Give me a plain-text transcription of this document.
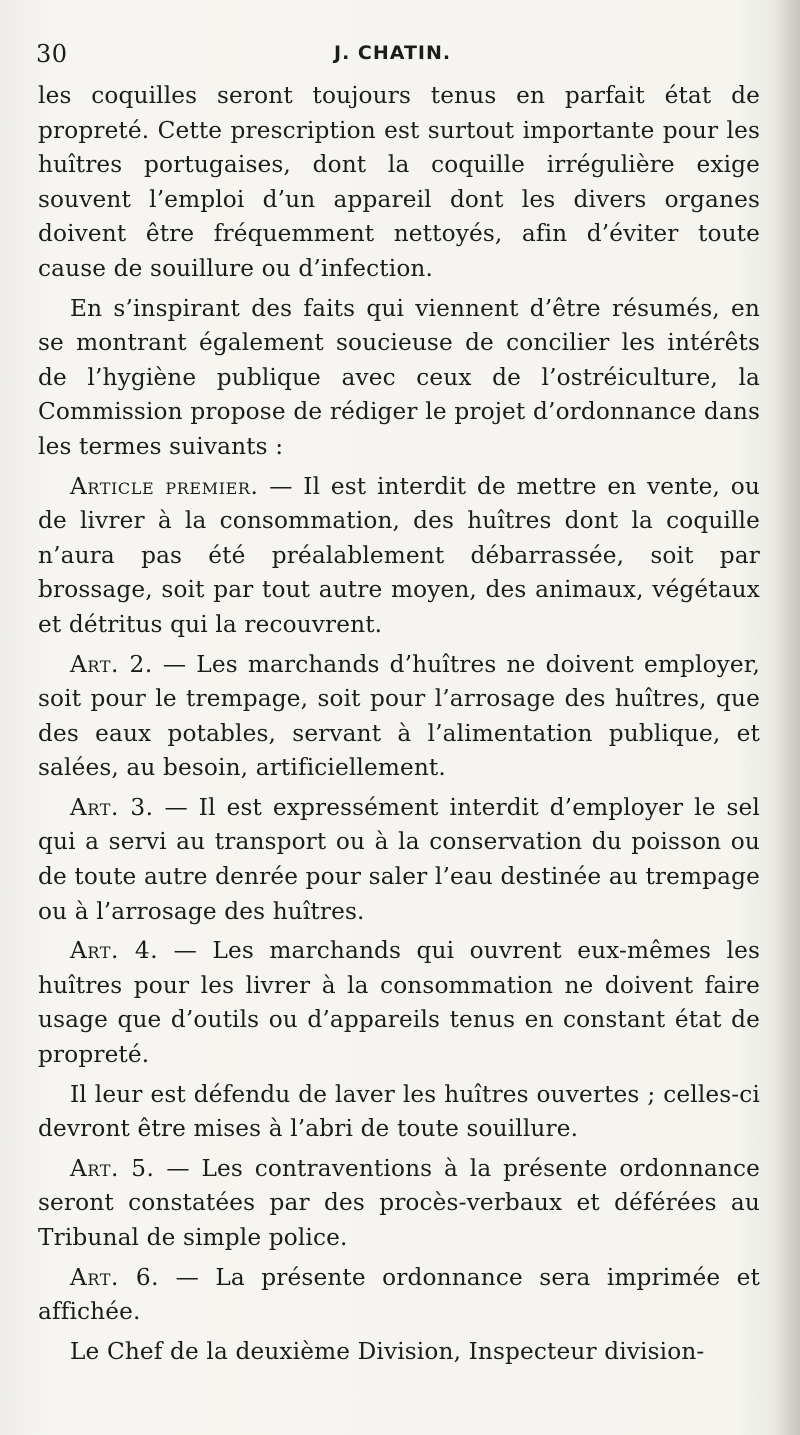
30	J. CHATIN.

les coquilles seront toujours tenus en parfait état de propreté. Cette prescription est surtout importante pour les huîtres portugaises, dont la coquille irrégulière exige souvent l’emploi d’un appareil dont les divers organes doivent être fréquemment nettoyés, afin d’éviter toute cause de souillure ou d’infection.

En s’inspirant des faits qui viennent d’être résumés, en se montrant également soucieuse de concilier les intérêts de l’hygiène publique avec ceux de l’ostréiculture, la Commission propose de rédiger le projet d’ordonnance dans les termes suivants :

Article premier. — Il est interdit de mettre en vente, ou de livrer à la consommation, des huîtres dont la coquille n’aura pas été préalablement débarrassée, soit par brossage, soit par tout autre moyen, des animaux, végétaux et détritus qui la recouvrent.

Art. 2. — Les marchands d’huîtres ne doivent employer, soit pour le trempage, soit pour l’arrosage des huîtres, que des eaux potables, servant à l’alimentation publique, et salées, au besoin, artificiellement.

Art. 3. — Il est expressément interdit d’employer le sel qui a servi au transport ou à la conservation du poisson ou de toute autre denrée pour saler l’eau destinée au trempage ou à l’arrosage des huîtres.

Art. 4. — Les marchands qui ouvrent eux-mêmes les huîtres pour les livrer à la consommation ne doivent faire usage que d’outils ou d’appareils tenus en constant état de propreté.

Il leur est défendu de laver les huîtres ouvertes ; celles-ci devront être mises à l’abri de toute souillure.

Art. 5. — Les contraventions à la présente ordonnance seront constatées par des procès-verbaux et déférées au Tribunal de simple police.

Art. 6. — La présente ordonnance sera imprimée et affichée.

Le Chef de la deuxième Division, Inspecteur division-
